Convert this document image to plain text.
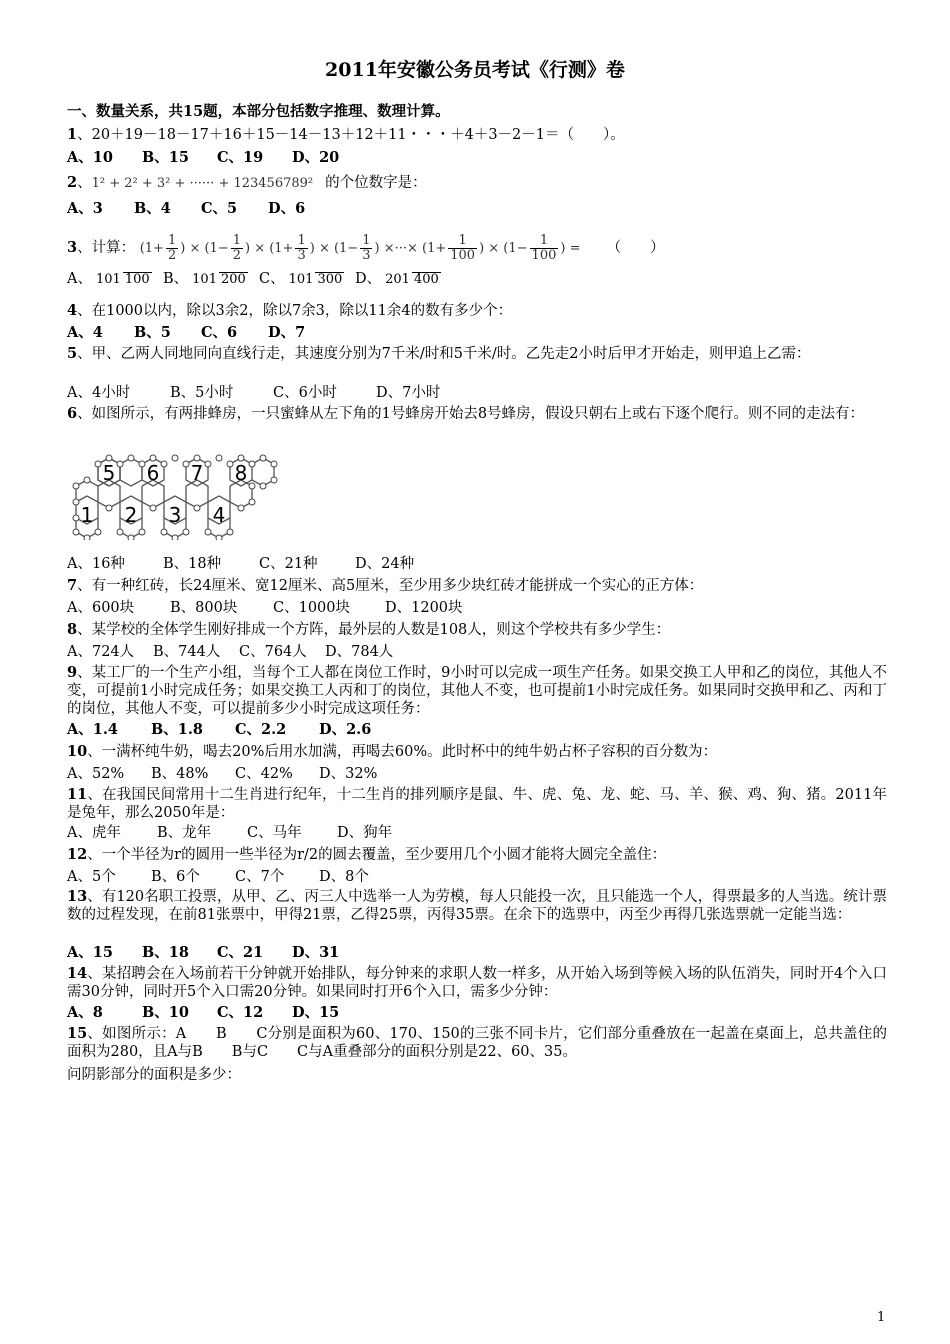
2011年安徽公务员考试《行测》卷
一、数量关系，共15题，本部分包括数字推理、数理计算。
1、20＋19－18－17＋16＋15－14－13＋12＋11・・・＋4＋3－2－1＝（　　）。
A、10 B、15 C、19 D、20
2、1² + 2² + 3² + ······ + 123456789² 的个位数字是：
A、3 B、4 C、5 D、6
3、计算： ($1+ \frac{1}{2}$ ) × ($1- \frac{1}{2}$ ) × ($1+ \frac{1}{3}$ ) × ($1- \frac{1}{3}$ ) ×···× ($1+ \frac{1}{100}$ ) × ($1- \frac{1}{100}$ ) = （　　）
A、 101 100 B、 101 200 C、 101 300 D、 201 400
4、在1000以内，除以3余2，除以7余3，除以11余4的数有多少个：
A、4 B、5 C、6 D、7
5、甲、乙两人同地同向直线行走，其速度分别为7千米/时和5千米/时。乙先走2小时后甲才开始走，则甲追上乙需：
A、4小时	B、5小时	C、6小时	D、7小时
6、如图所示，有两排蜂房，一只蜜蜂从左下角的1号蜂房开始去8号蜂房，假设只朝右上或右下逐个爬行。则不同的走法有：
5 6 7 8
1 2 3 4
A、16种	B、18种	C、21种	D、24种
7、有一种红砖，长24厘米、宽12厘米、高5厘米，至少用多少块红砖才能拼成一个实心的正方体：
A、600块 B、800块 C、1000块 D、1200块
8、某学校的全体学生刚好排成一个方阵，最外层的人数是108人，则这个学校共有多少学生：
A、724人 B、744人 C、764人 D、784人
9、某工厂的一个生产小组，当每个工人都在岗位工作时，9小时可以完成一项生产任务。如果交换工人甲和乙的岗位，其他人不变，可提前1小时完成任务；如果交换工人丙和丁的岗位，其他人不变，也可提前1小时完成任务。如果同时交换甲和乙、丙和丁的岗位，其他人不变，可以提前多少小时完成这项任务：
A、1.4 B、1.8 C、2.2 D、2.6
10、一满杯纯牛奶，喝去20%后用水加满，再喝去60%。此时杯中的纯牛奶占杯子容积的百分数为：
A、52% B、48% C、42% D、32%
11、在我国民间常用十二生肖进行纪年，十二生肖的排列顺序是鼠、牛、虎、兔、龙、蛇、马、羊、猴、鸡、狗、猪。2011年是兔年，那么2050年是：
A、虎年 B、龙年 C、马年 D、狗年
12、一个半径为r的圆用一些半径为r/2的圆去覆盖，至少要用几个小圆才能将大圆完全盖住：
A、5个 B、6个 C、7个 D、8个
13、有120名职工投票，从甲、乙、丙三人中选举一人为劳模，每人只能投一次，且只能选一个人，得票最多的人当选。统计票数的过程发现，在前81张票中，甲得21票，乙得25票，丙得35票。在余下的选票中，丙至少再得几张选票就一定能当选：
A、15 B、18 C、21 D、31
14、某招聘会在入场前若干分钟就开始排队，每分钟来的求职人数一样多，从开始入场到等候入场的队伍消失，同时开4个入口需30分钟，同时开5个入口需20分钟。如果同时打开6个入口，需多少分钟：
A、8	B、10 C、12 D、15
15、如图所示：A　　B　　C分别是面积为60、170、150的三张不同卡片，它们部分重叠放在一起盖在桌面上，总共盖住的面积为280，且A与B　　B与C　　C与A重叠部分的面积分别是22、60、35。
问阴影部分的面积是多少：
1
